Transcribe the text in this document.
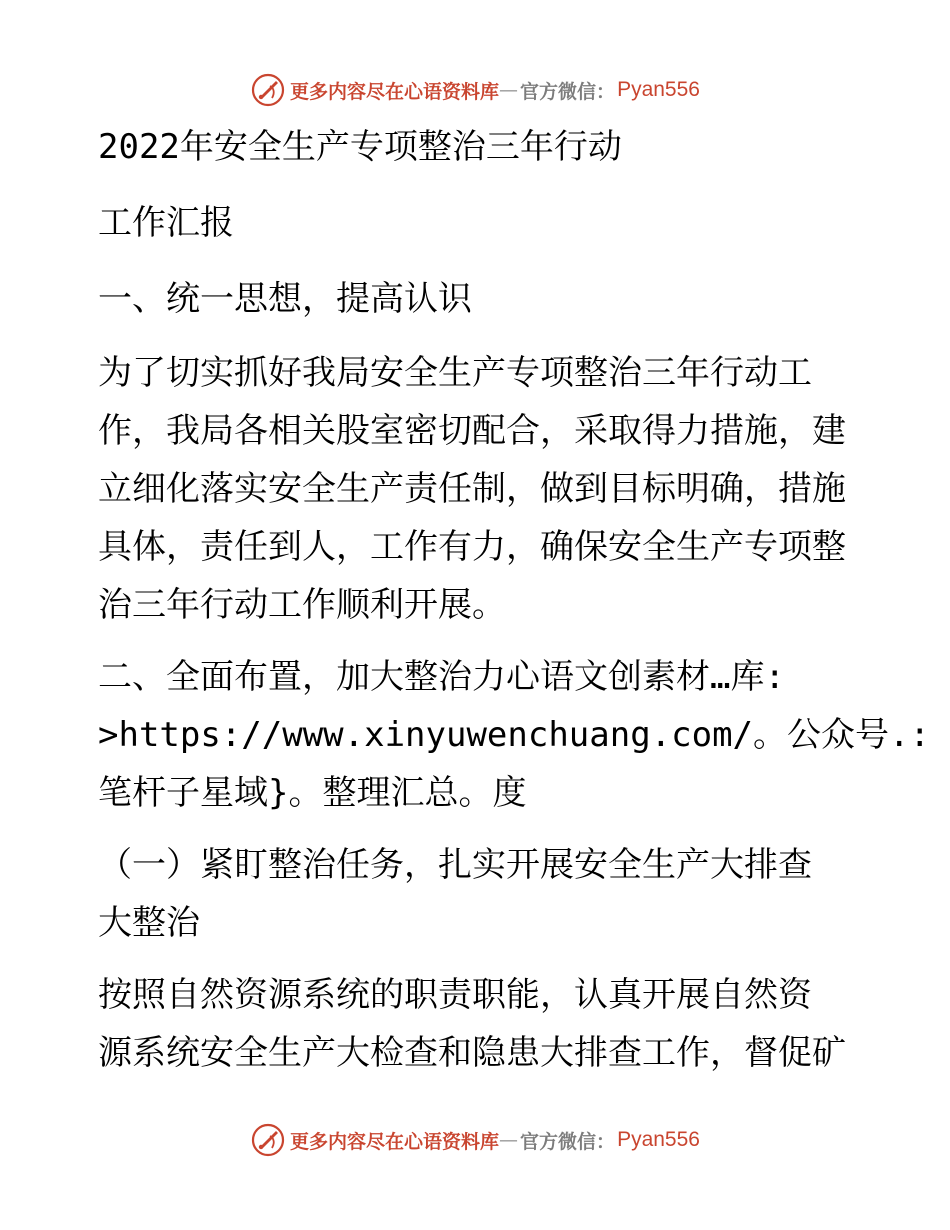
更多内容尽在心语资料库 — 官方微信： Pyan556
2022年安全生产专项整治三年行动
工作汇报
一、统一思想，提高认识
为了切实抓好我局安全生产专项整治三年行动工
作，我局各相关股室密切配合，采取得力措施，建
立细化落实安全生产责任制，做到目标明确，措施
具体，责任到人，工作有力，确保安全生产专项整
治三年行动工作顺利开展。
二、全面布置，加大整治力心语文创素材…库:
>https://www.xinyuwenchuang.com/。公众号.:
笔杆子星域}。整理汇总。度
（一）紧盯整治任务，扎实开展安全生产大排查
大整治
按照自然资源系统的职责职能，认真开展自然资
源系统安全生产大检查和隐患大排查工作，督促矿
更多内容尽在心语资料库 — 官方微信： Pyan556
